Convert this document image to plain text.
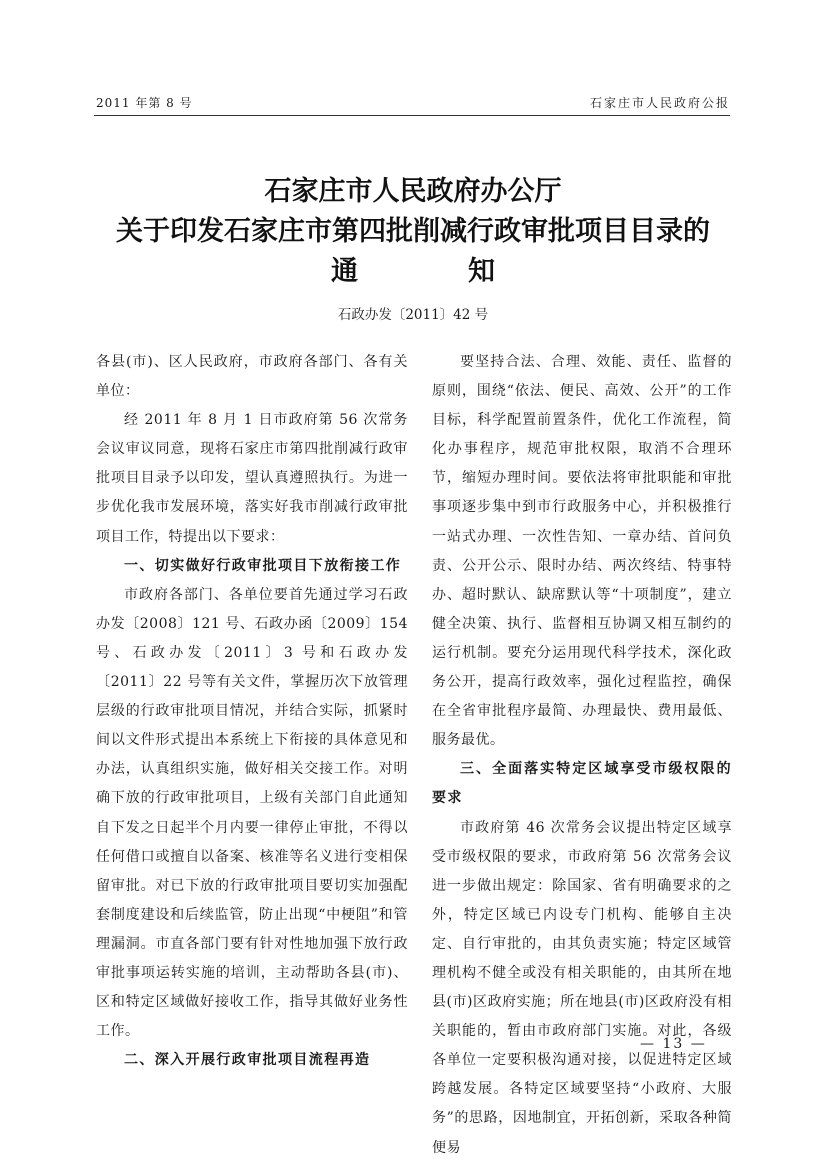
2011 年第 8 号	石家庄市人民政府公报
石家庄市人民政府办公厅
关于印发石家庄市第四批削减行政审批项目目录的
通	知
石政办发〔2011〕42 号

各县(市)、区人民政府，市政府各部门、各有关单位：

经 2011 年 8 月 1 日市政府第 56 次常务会议审议同意，现将石家庄市第四批削减行政审批项目目录予以印发，望认真遵照执行。为进一步优化我市发展环境，落实好我市削减行政审批项目工作，特提出以下要求：

一、切实做好行政审批项目下放衔接工作

市政府各部门、各单位要首先通过学习石政办发〔2008〕121 号、石政办函〔2009〕154 号、石政办发〔2011〕3 号和石政办发〔2011〕22 号等有关文件，掌握历次下放管理层级的行政审批项目情况，并结合实际，抓紧时间以文件形式提出本系统上下衔接的具体意见和办法，认真组织实施，做好相关交接工作。对明确下放的行政审批项目，上级有关部门自此通知自下发之日起半个月内要一律停止审批，不得以任何借口或擅自以备案、核准等名义进行变相保留审批。对已下放的行政审批项目要切实加强配套制度建设和后续监管，防止出现“中梗阻”和管理漏洞。市直各部门要有针对性地加强下放行政审批事项运转实施的培训，主动帮助各县(市)、区和特定区域做好接收工作，指导其做好业务性工作。

二、深入开展行政审批项目流程再造

要坚持合法、合理、效能、责任、监督的原则，围绕“依法、便民、高效、公开”的工作目标，科学配置前置条件，优化工作流程，简化办事程序，规范审批权限，取消不合理环节，缩短办理时间。要依法将审批职能和审批事项逐步集中到市行政服务中心，并积极推行一站式办理、一次性告知、一章办结、首问负责、公开公示、限时办结、两次终结、特事特办、超时默认、缺席默认等“十项制度”，建立健全决策、执行、监督相互协调又相互制约的运行机制。要充分运用现代科学技术，深化政务公开，提高行政效率，强化过程监控，确保在全省审批程序最简、办理最快、费用最低、服务最优。

三、全面落实特定区域享受市级权限的要求

市政府第 46 次常务会议提出特定区域享受市级权限的要求，市政府第 56 次常务会议进一步做出规定：除国家、省有明确要求的之外，特定区域已内设专门机构、能够自主决定、自行审批的，由其负责实施；特定区域管理机构不健全或没有相关职能的，由其所在地县(市)区政府实施；所在地县(市)区政府没有相关职能的，暂由市政府部门实施。对此，各级各单位一定要积极沟通对接，以促进特定区域跨越发展。各特定区域要坚持“小政府、大服务”的思路，因地制宜，开拓创新，采取各种简便易

— 13 —
